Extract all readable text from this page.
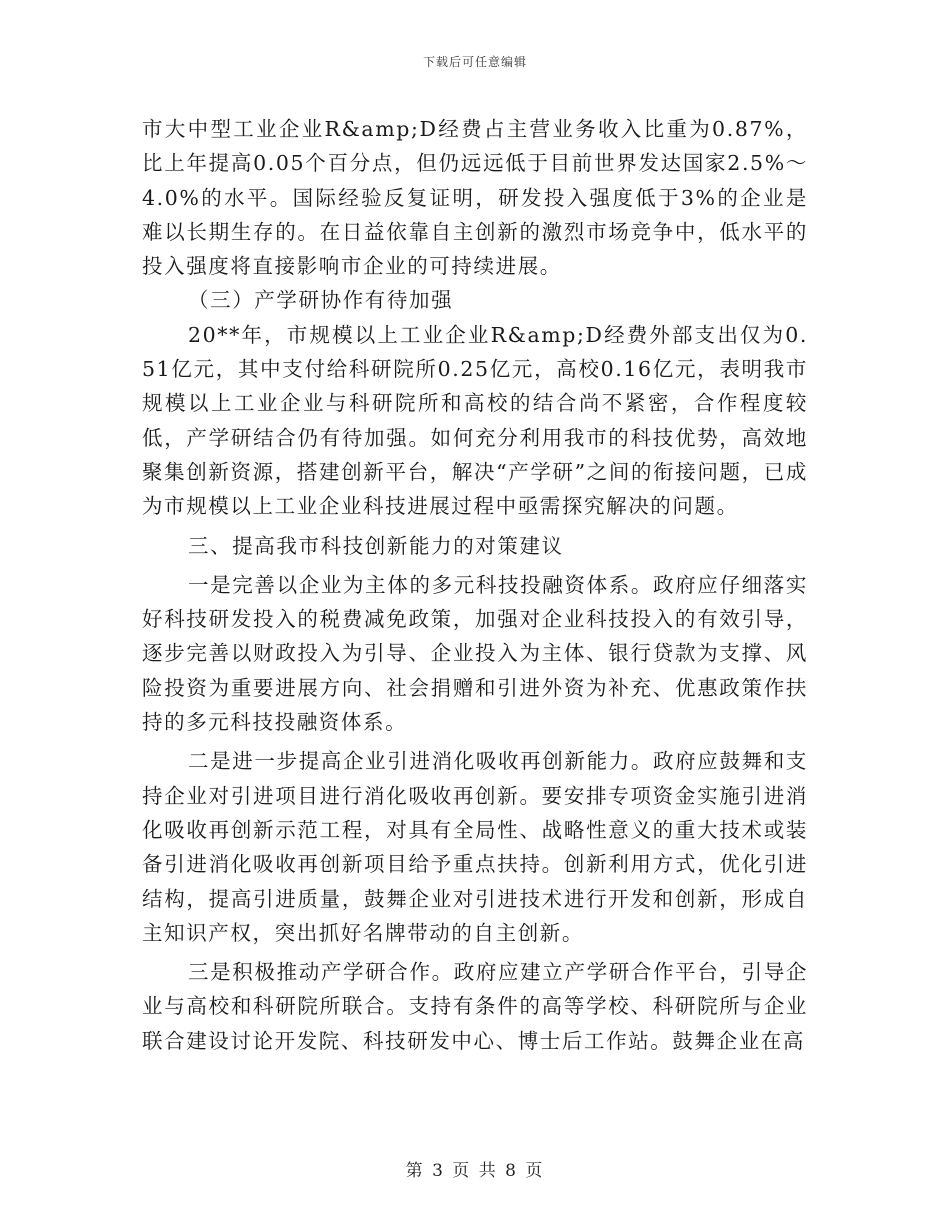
下载后可任意编辑

市大中型工业企业R&amp;D经费占主营业务收入比重为0.87%，比上年提高0.05个百分点，但仍远远低于目前世界发达国家2.5%～4.0%的水平。国际经验反复证明，研发投入强度低于3%的企业是难以长期生存的。在日益依靠自主创新的激烈市场竞争中，低水平的投入强度将直接影响市企业的可持续进展。

（三）产学研协作有待加强

20**年，市规模以上工业企业R&amp;D经费外部支出仅为0.51亿元，其中支付给科研院所0.25亿元，高校0.16亿元，表明我市规模以上工业企业与科研院所和高校的结合尚不紧密，合作程度较低，产学研结合仍有待加强。如何充分利用我市的科技优势，高效地聚集创新资源，搭建创新平台，解决“产学研”之间的衔接问题，已成为市规模以上工业企业科技进展过程中亟需探究解决的问题。

三、提高我市科技创新能力的对策建议

一是完善以企业为主体的多元科技投融资体系。政府应仔细落实好科技研发投入的税费减免政策，加强对企业科技投入的有效引导，逐步完善以财政投入为引导、企业投入为主体、银行贷款为支撑、风险投资为重要进展方向、社会捐赠和引进外资为补充、优惠政策作扶持的多元科技投融资体系。

二是进一步提高企业引进消化吸收再创新能力。政府应鼓舞和支持企业对引进项目进行消化吸收再创新。要安排专项资金实施引进消化吸收再创新示范工程，对具有全局性、战略性意义的重大技术或装备引进消化吸收再创新项目给予重点扶持。创新利用方式，优化引进结构，提高引进质量，鼓舞企业对引进技术进行开发和创新，形成自主知识产权，突出抓好名牌带动的自主创新。

三是积极推动产学研合作。政府应建立产学研合作平台，引导企业与高校和科研院所联合。支持有条件的高等学校、科研院所与企业联合建设讨论开发院、科技研发中心、博士后工作站。鼓舞企业在高

第 3 页 共 8 页
